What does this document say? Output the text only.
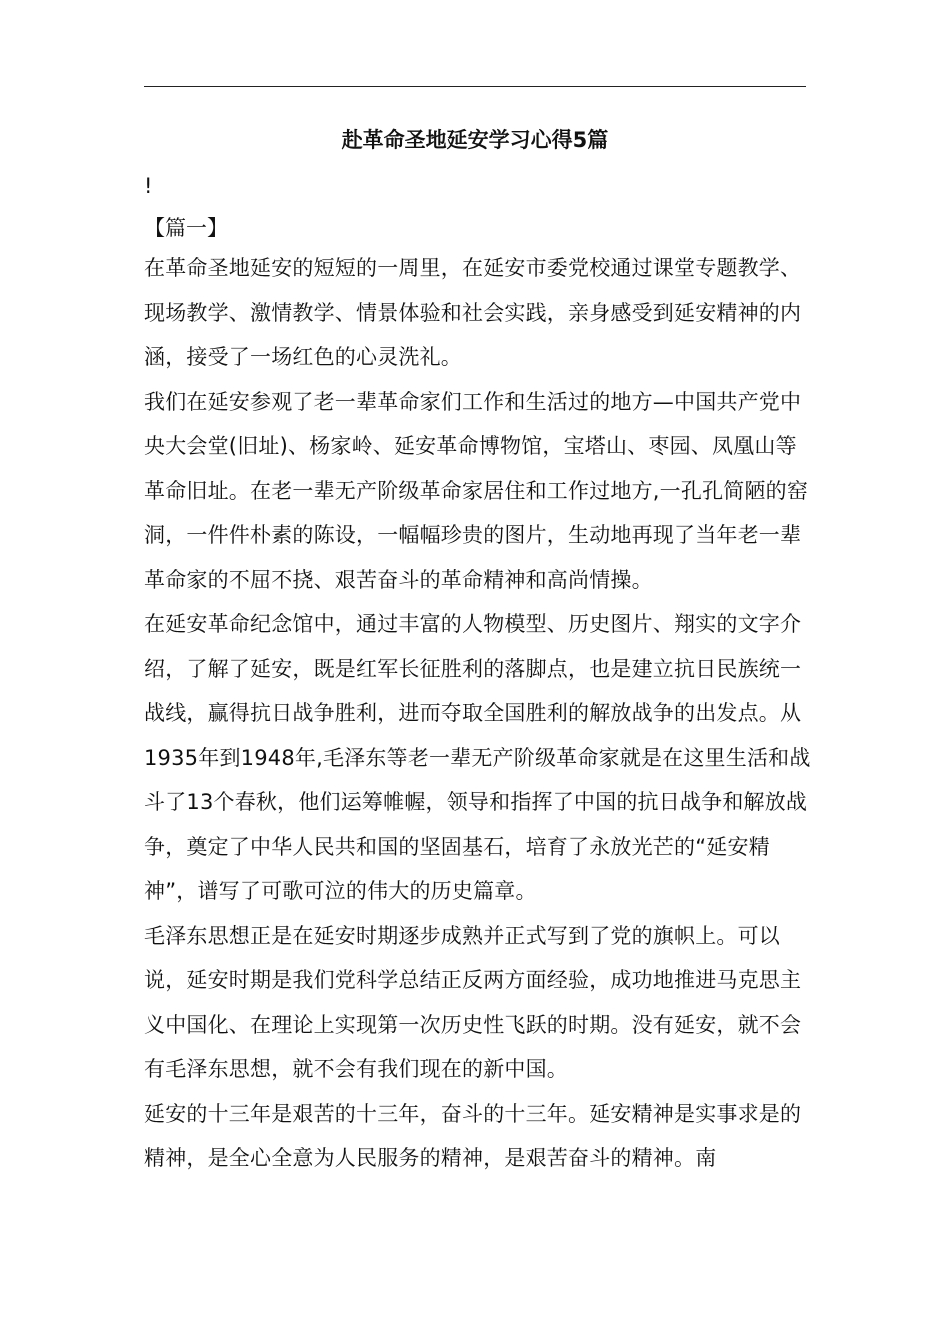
赴革命圣地延安学习心得5篇
!
【篇一】

在革命圣地延安的短短的一周里，在延安市委党校通过课堂专题教学、现场教学、激情教学、情景体验和社会实践，亲身感受到延安精神的内涵，接受了一场红色的心灵洗礼。

我们在延安参观了老一辈革命家们工作和生活过的地方—中国共产党中央大会堂(旧址)、杨家岭、延安革命博物馆，宝塔山、枣园、凤凰山等革命旧址。在老一辈无产阶级革命家居住和工作过地方,一孔孔简陋的窑洞，一件件朴素的陈设，一幅幅珍贵的图片，生动地再现了当年老一辈革命家的不屈不挠、艰苦奋斗的革命精神和高尚情操。

在延安革命纪念馆中，通过丰富的人物模型、历史图片、翔实的文字介绍，了解了延安，既是红军长征胜利的落脚点，也是建立抗日民族统一战线，赢得抗日战争胜利，进而夺取全国胜利的解放战争的出发点。从1935年到1948年,毛泽东等老一辈无产阶级革命家就是在这里生活和战斗了13个春秋，他们运筹帷幄，领导和指挥了中国的抗日战争和解放战争，奠定了中华人民共和国的坚固基石，培育了永放光芒的“延安精神”，谱写了可歌可泣的伟大的历史篇章。

毛泽东思想正是在延安时期逐步成熟并正式写到了党的旗帜上。可以说，延安时期是我们党科学总结正反两方面经验，成功地推进马克思主义中国化、在理论上实现第一次历史性飞跃的时期。没有延安，就不会有毛泽东思想，就不会有我们现在的新中国。

延安的十三年是艰苦的十三年，奋斗的十三年。延安精神是实事求是的精神，是全心全意为人民服务的精神，是艰苦奋斗的精神。南
